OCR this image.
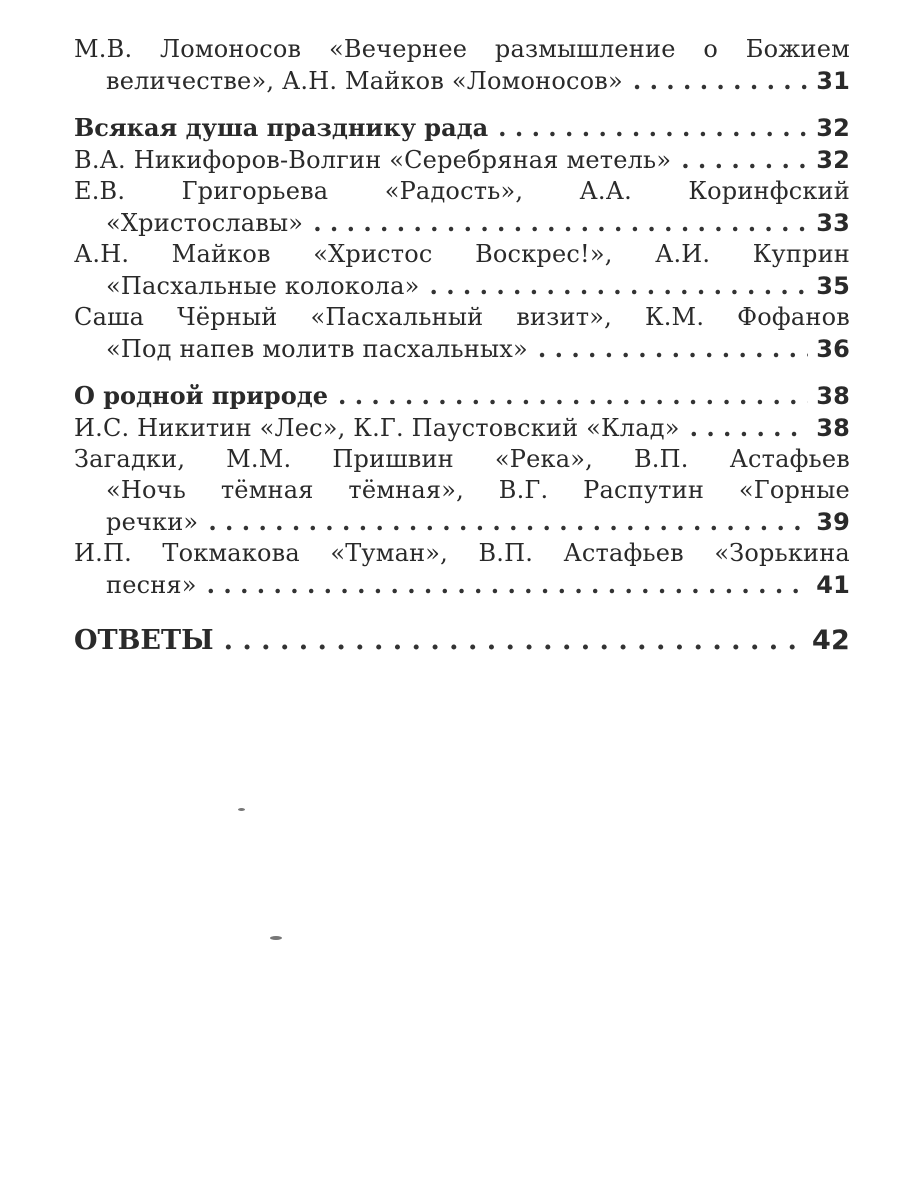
М.В. Ломоносов «Вечернее размышление о Божием
величестве», А.Н. Майков «Ломоносов» . . .	31
Всякая душа празднику рада . . .	32
В.А. Никифоров-Волгин «Серебряная метель» . . .	32
Е.В. Григорьева «Радость», А.А. Коринфский
«Христославы» . . .	33
А.Н. Майков «Христос Воскрес!», А.И. Куприн
«Пасхальные колокола» . . .	35
Саша Чёрный «Пасхальный визит», К.М. Фофанов
«Под напев молитв пасхальных» . . .	36
О родной природе . . .	38
И.С. Никитин «Лес», К.Г. Паустовский «Клад» . . .	38
Загадки, М.М. Пришвин «Река», В.П. Астафьев
«Ночь тёмная тёмная», В.Г. Распутин «Горные
речки» . . .	39
И.П. Токмакова «Туман», В.П. Астафьев «Зорькина
песня» . . .	41
ОТВЕТЫ . . .	42
